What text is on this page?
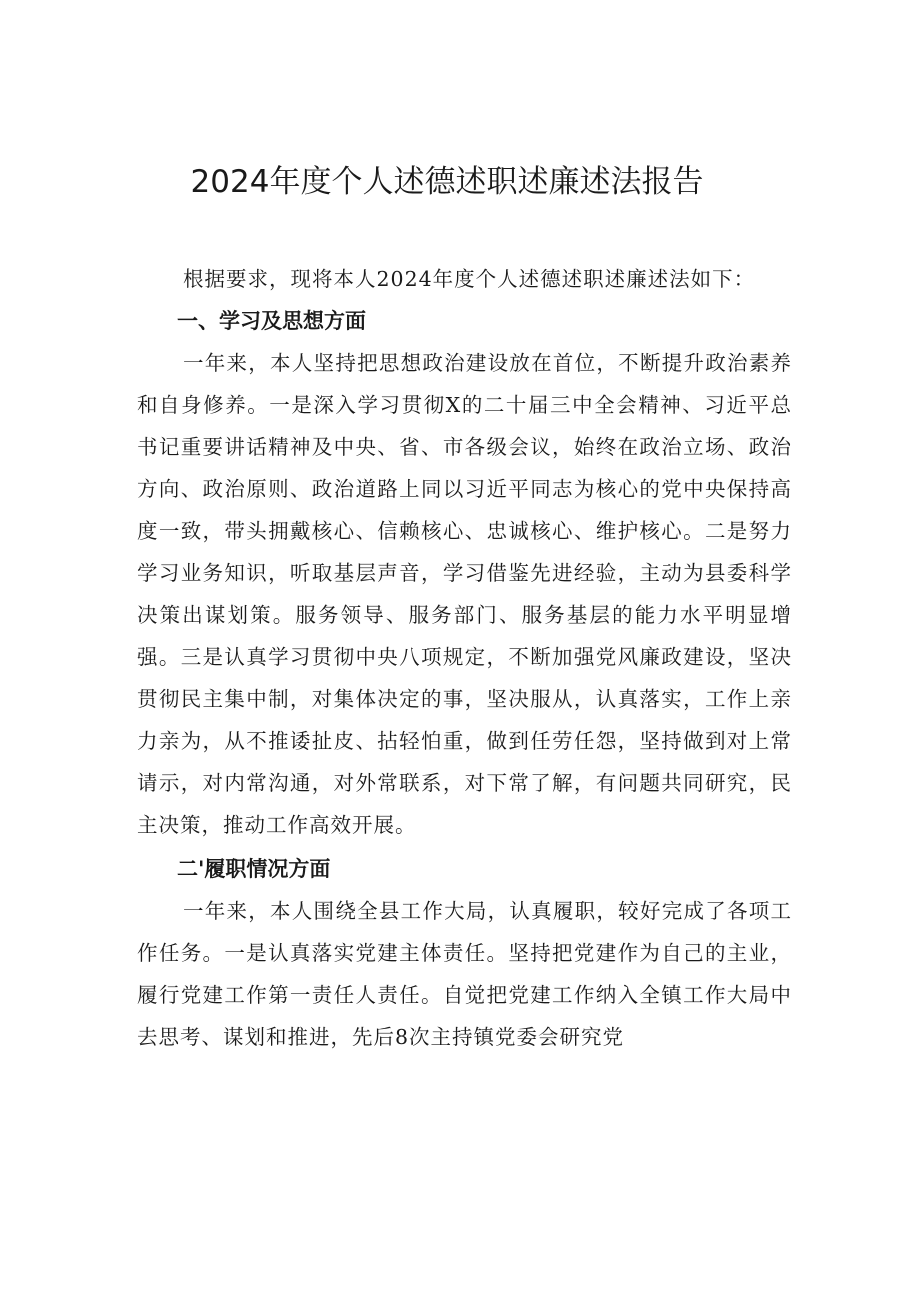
2024年度个人述德述职述廉述法报告

根据要求，现将本人2024年度个人述德述职述廉述法如下：

一、学习及思想方面

一年来，本人坚持把思想政治建设放在首位，不断提升政治素养和自身修养。一是深入学习贯彻X的二十届三中全会精神、习近平总书记重要讲话精神及中央、省、市各级会议，始终在政治立场、政治方向、政治原则、政治道路上同以习近平同志为核心的党中央保持高度一致，带头拥戴核心、信赖核心、忠诚核心、维护核心。二是努力学习业务知识，听取基层声音，学习借鉴先进经验，主动为县委科学决策出谋划策。服务领导、服务部门、服务基层的能力水平明显增强。三是认真学习贯彻中央八项规定，不断加强党风廉政建设，坚决贯彻民主集中制，对集体决定的事，坚决服从，认真落实，工作上亲力亲为，从不推诿扯皮、拈轻怕重，做到任劳任怨，坚持做到对上常请示，对内常沟通，对外常联系，对下常了解，有问题共同研究，民主决策，推动工作高效开展。

二'履职情况方面

一年来，本人围绕全县工作大局，认真履职，较好完成了各项工作任务。一是认真落实党建主体责任。坚持把党建作为自己的主业，履行党建工作第一责任人责任。自觉把党建工作纳入全镇工作大局中去思考、谋划和推进，先后8次主持镇党委会研究党
